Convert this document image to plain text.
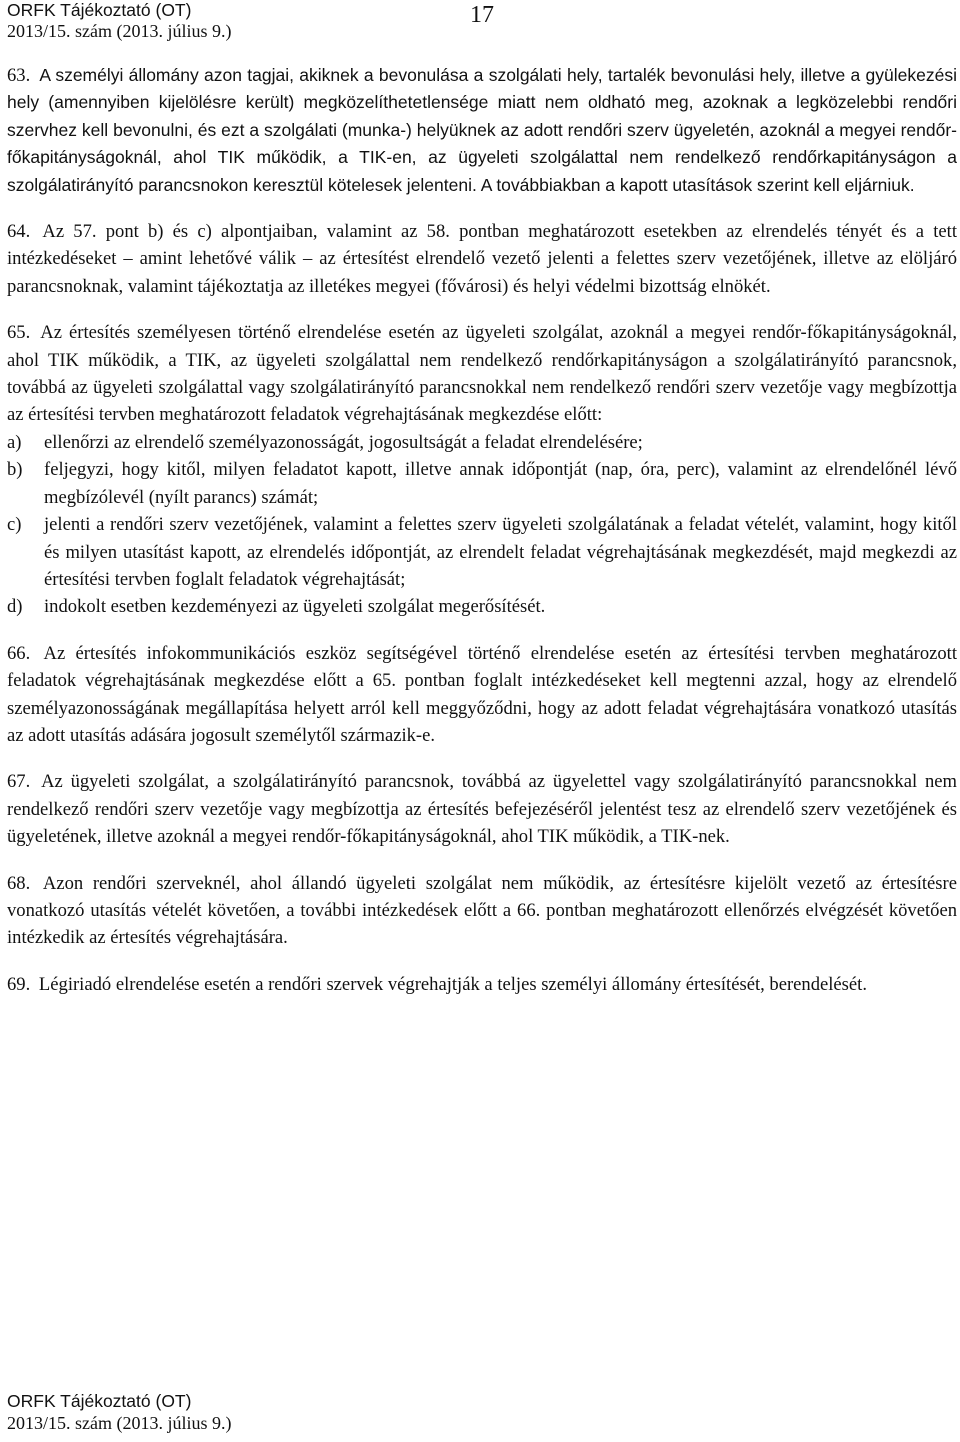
ORFK Tájékoztató (OT)
2013/15. szám (2013. július 9.)
17

63. A személyi állomány azon tagjai, akiknek a bevonulása a szolgálati hely, tartalék bevonulási hely, illetve a gyülekezési hely (amennyiben kijelölésre került) megközelíthetetlensége miatt nem oldható meg, azoknak a legközelebbi rendőri szervhez kell bevonulni, és ezt a szolgálati (munka-) helyüknek az adott rendőri szerv ügyeletén, azoknál a megyei rendőr-főkapitányságoknál, ahol TIK működik, a TIK-en, az ügyeleti szolgálattal nem rendelkező rendőrkapitányságon a szolgálatirányító parancsnokon keresztül kötelesek jelenteni. A továbbiakban a kapott utasítások szerint kell eljárniuk.

64. Az 57. pont b) és c) alpontjaiban, valamint az 58. pontban meghatározott esetekben az elrendelés tényét és a tett intézkedéseket – amint lehetővé válik – az értesítést elrendelő vezető jelenti a felettes szerv vezetőjének, illetve az elöljáró parancsnoknak, valamint tájékoztatja az illetékes megyei (fővárosi) és helyi védelmi bizottság elnökét.

65. Az értesítés személyesen történő elrendelése esetén az ügyeleti szolgálat, azoknál a megyei rendőr-főkapitányságoknál, ahol TIK működik, a TIK, az ügyeleti szolgálattal nem rendelkező rendőrkapitányságon a szolgálatirányító parancsnok, továbbá az ügyeleti szolgálattal vagy szolgálatirányító parancsnokkal nem rendelkező rendőri szerv vezetője vagy megbízottja az értesítési tervben meghatározott feladatok végrehajtásának megkezdése előtt:
a)	ellenőrzi az elrendelő személyazonosságát, jogosultságát a feladat elrendelésére;
b)	feljegyzi, hogy kitől, milyen feladatot kapott, illetve annak időpontját (nap, óra, perc), valamint az elrendelőnél lévő megbízólevél (nyílt parancs) számát;
c)	jelenti a rendőri szerv vezetőjének, valamint a felettes szerv ügyeleti szolgálatának a feladat vételét, valamint, hogy kitől és milyen utasítást kapott, az elrendelés időpontját, az elrendelt feladat végrehajtásának megkezdését, majd megkezdi az értesítési tervben foglalt feladatok végrehajtását;
d)	indokolt esetben kezdeményezi az ügyeleti szolgálat megerősítését.

66. Az értesítés infokommunikációs eszköz segítségével történő elrendelése esetén az értesítési tervben meghatározott feladatok végrehajtásának megkezdése előtt a 65. pontban foglalt intézkedéseket kell megtenni azzal, hogy az elrendelő személyazonosságának megállapítása helyett arról kell meggyőződni, hogy az adott feladat végrehajtására vonatkozó utasítás az adott utasítás adására jogosult személytől származik-e.

67. Az ügyeleti szolgálat, a szolgálatirányító parancsnok, továbbá az ügyelettel vagy szolgálatirányító parancsnokkal nem rendelkező rendőri szerv vezetője vagy megbízottja az értesítés befejezéséről jelentést tesz az elrendelő szerv vezetőjének és ügyeletének, illetve azoknál a megyei rendőr-főkapitányságoknál, ahol TIK működik, a TIK-nek.

68. Azon rendőri szerveknél, ahol állandó ügyeleti szolgálat nem működik, az értesítésre kijelölt vezető az értesítésre vonatkozó utasítás vételét követően, a további intézkedések előtt a 66. pontban meghatározott ellenőrzés elvégzését követően intézkedik az értesítés végrehajtására.

69. Légiriadó elrendelése esetén a rendőri szervek végrehajtják a teljes személyi állomány értesítését, berendelését.

ORFK Tájékoztató (OT)
2013/15. szám (2013. július 9.)
